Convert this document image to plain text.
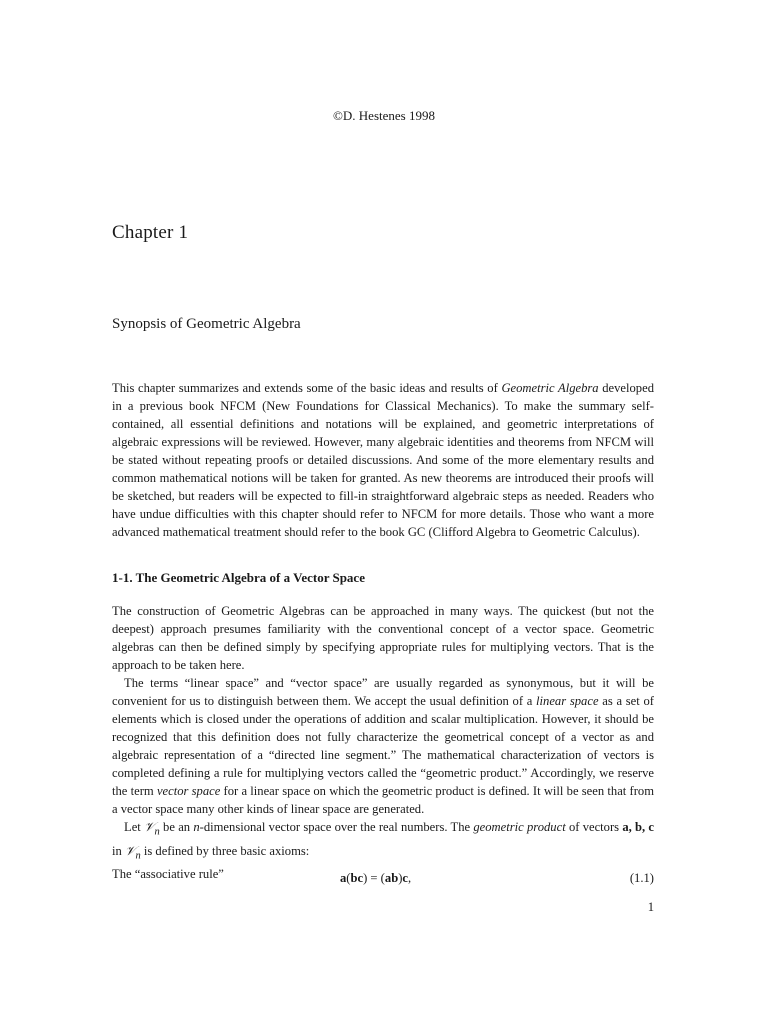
©D. Hestenes 1998
Chapter 1
Synopsis of Geometric Algebra

This chapter summarizes and extends some of the basic ideas and results of Geometric Algebra developed in a previous book NFCM (New Foundations for Classical Mechanics). To make the summary self-contained, all essential definitions and notations will be explained, and geometric interpretations of algebraic expressions will be reviewed. However, many algebraic identities and theorems from NFCM will be stated without repeating proofs or detailed discussions. And some of the more elementary results and common mathematical notions will be taken for granted. As new theorems are introduced their proofs will be sketched, but readers will be expected to fill-in straightforward algebraic steps as needed. Readers who have undue difficulties with this chapter should refer to NFCM for more details. Those who want a more advanced mathematical treatment should refer to the book GC (Clifford Algebra to Geometric Calculus).

1-1. The Geometric Algebra of a Vector Space

The construction of Geometric Algebras can be approached in many ways. The quickest (but not the deepest) approach presumes familiarity with the conventional concept of a vector space. Geometric algebras can then be defined simply by specifying appropriate rules for multiplying vectors. That is the approach to be taken here.

The terms “linear space” and “vector space” are usually regarded as synonymous, but it will be convenient for us to distinguish between them. We accept the usual definition of a linear space as a set of elements which is closed under the operations of addition and scalar multiplication. However, it should be recognized that this definition does not fully characterize the geometrical concept of a vector as and algebraic representation of a “directed line segment.” The mathematical characterization of vectors is completed defining a rule for multiplying vectors called the “geometric product.” Accordingly, we reserve the term vector space for a linear space on which the geometric product is defined. It will be seen that from a vector space many other kinds of linear space are generated.

Let 𝒱$_n$ be an n-dimensional vector space over the real numbers. The geometric product of vectors a, b, c in 𝒱$_n$ is defined by three basic axioms:

The “associative rule”	a(bc) = (ab)c,	(1.1)
1
